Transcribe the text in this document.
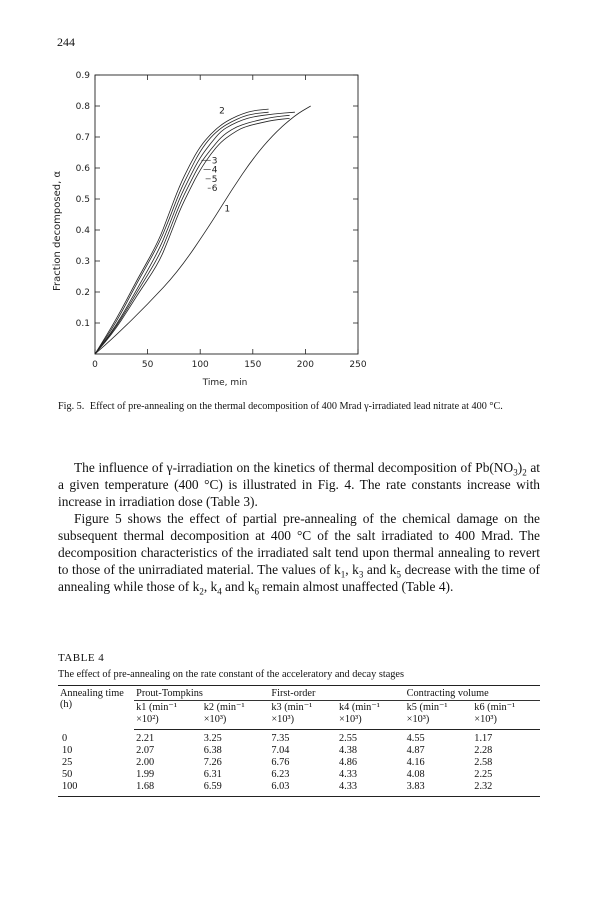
244
0	50	100	150	200	250
0.1
0.2
0.3
0.4
0.5
0.6
0.7
0.8
0.9
1
2
3
4
5
6
Fraction decomposed, α
Time, min
Fig. 5. Effect of pre-annealing on the thermal decomposition of 400 Mrad γ-irradiated lead nitrate at 400 °C.

The influence of γ-irradiation on the kinetics of thermal decomposition of $Pb(NO_3)_2$ at a given temperature (400 °C) is illustrated in Fig. 4. The rate constants increase with increase in irradiation dose (Table 3).

Figure 5 shows the effect of partial pre-annealing of the chemical damage on the subsequent thermal decomposition at 400 °C of the salt irradiated to 400 Mrad. The decomposition characteristics of the irradiated salt tend upon thermal annealing to revert to those of the unirradiated material. The values of $k_1$, $k_3$ and $k_5$ decrease with the time of annealing while those of $k_2$, $k_4$ and $k_6$ remain almost unaffected (Table 4).

TABLE 4
The effect of pre-annealing on the rate constant of the acceleratory and decay stages
Annealing time (h)	Prout-Tompkins		First-order		Contracting volume	
	k1 (min⁻¹ ×10²)	k2 (min⁻¹ ×10³)	k3 (min⁻¹ ×10³)	k4 (min⁻¹ ×10³)	k5 (min⁻¹ ×10³)	k6 (min⁻¹ ×10³)
0	2.21	3.25	7.35	2.55	4.55	1.17
10	2.07	6.38	7.04	4.38	4.87	2.28
25	2.00	7.26	6.76	4.86	4.16	2.58
50	1.99	6.31	6.23	4.33	4.08	2.25
100	1.68	6.59	6.03	4.33	3.83	2.32
